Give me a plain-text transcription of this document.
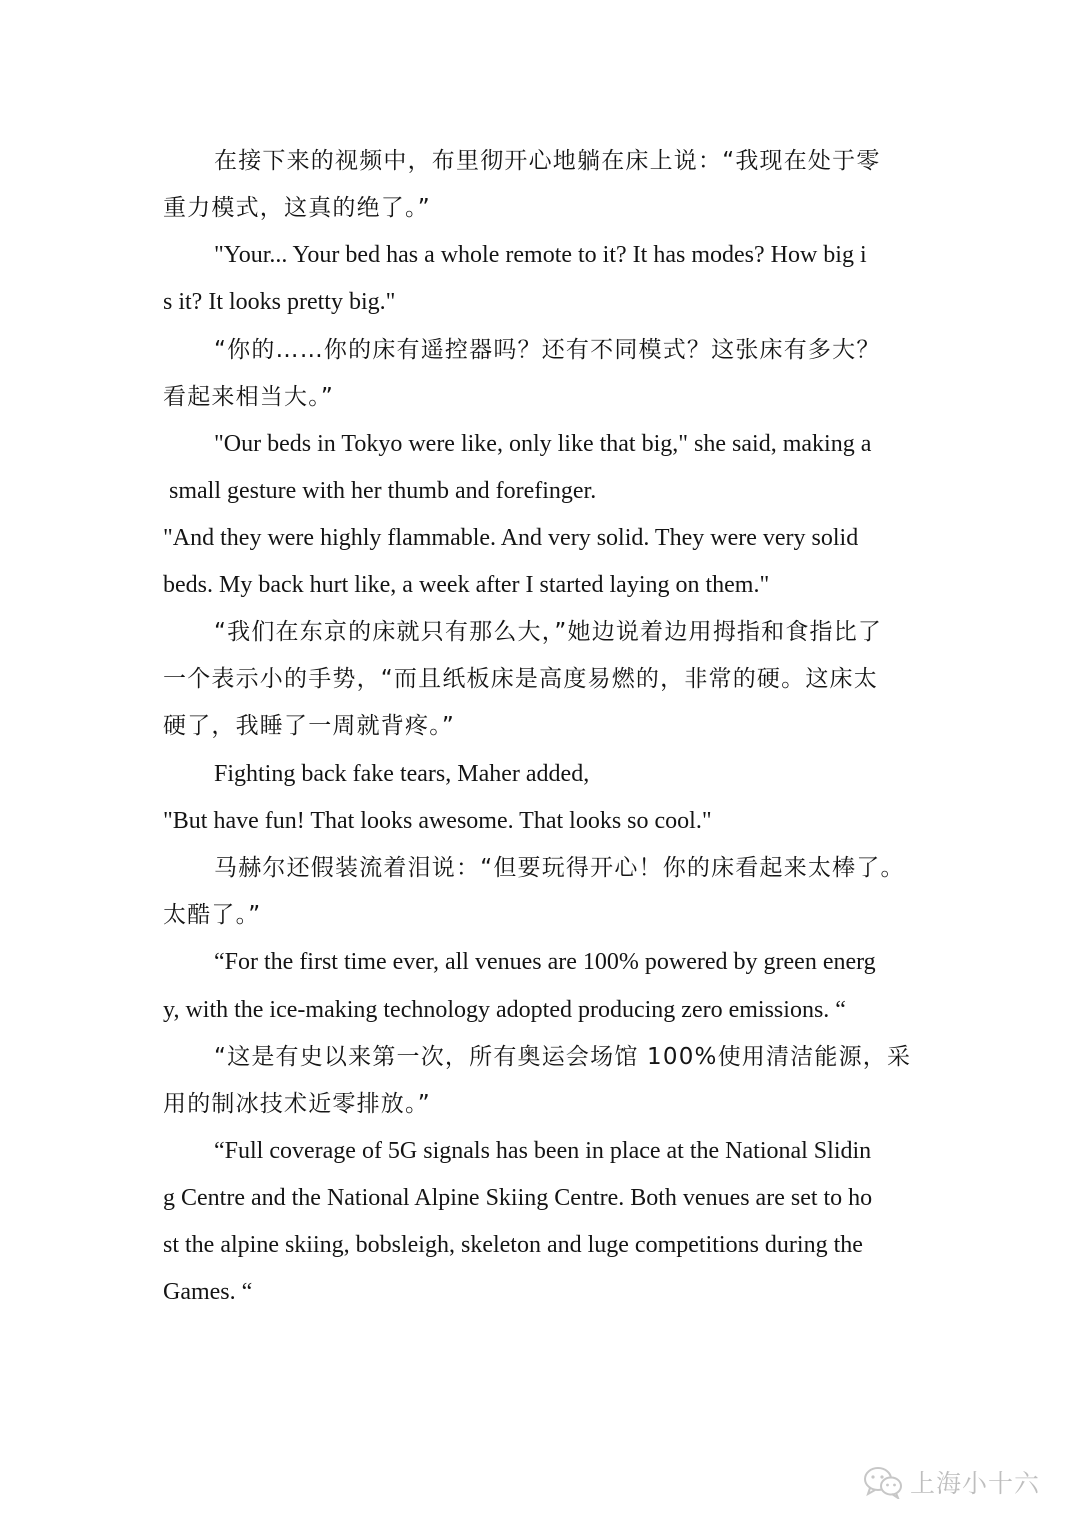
在接下来的视频中，布里彻开心地躺在床上说：“我现在处于零
重力模式，这真的绝了。”
"Your... Your bed has a whole remote to it? It has modes? How big i
s it? It looks pretty big."
“你的……你的床有遥控器吗？还有不同模式？这张床有多大？
看起来相当大。”
"Our beds in Tokyo were like, only like that big," she said, making a
small gesture with her thumb and forefinger.
"And they were highly flammable. And very solid. They were very solid
beds. My back hurt like, a week after I started laying on them."
“我们在东京的床就只有那么大，”她边说着边用拇指和食指比了
一个表示小的手势，“而且纸板床是高度易燃的，非常的硬。这床太
硬了，我睡了一周就背疼。”
Fighting back fake tears, Maher added,
"But have fun! That looks awesome. That looks so cool."
马赫尔还假装流着泪说：“但要玩得开心！你的床看起来太棒了。
太酷了。”
“For the first time ever, all venues are 100% powered by green energ
y, with the ice-making technology adopted producing zero emissions. “
“这是有史以来第一次，所有奥运会场馆 100%使用清洁能源，采
用的制冰技术近零排放。”
“Full coverage of 5G signals has been in place at the National Slidin
g Centre and the National Alpine Skiing Centre. Both venues are set to ho
st the alpine skiing, bobsleigh, skeleton and luge competitions during the
Games. “
上海小十六
